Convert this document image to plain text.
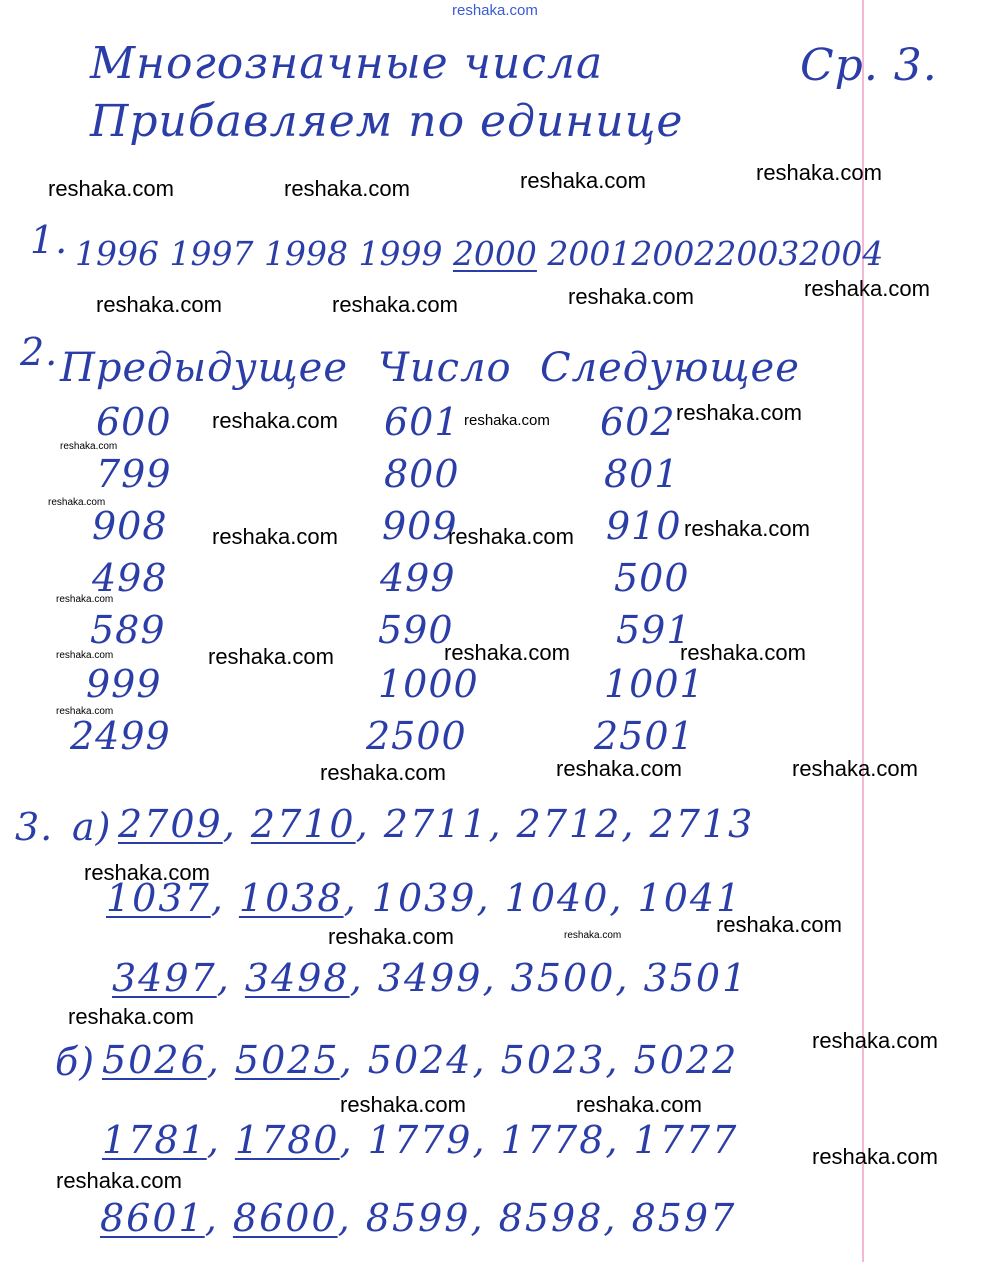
reshaka.com
Многозначные числа
Прибавляем по единице
Ср. 3.
1. 1996 1997 1998 1999 2000 2001200220032004
2. Предыдущее Число Следующее
600	601	602
799	800	801
908	909	910
498	499	500
589	590	591
999	1000	1001
2499	2500	2501
3. а)
б)
2709, 2710, 2711, 2712, 2713
1037, 1038, 1039, 1040, 1041
3497, 3498, 3499, 3500, 3501
5026, 5025, 5024, 5023, 5022
1781, 1780, 1779, 1778, 1777
8601, 8600, 8599, 8598, 8597
reshaka.com	reshaka.com	reshaka.com	reshaka.com
reshaka.com	reshaka.com	reshaka.com	reshaka.com
reshaka.com	reshaka.com	reshaka.com
reshaka.com
reshaka.com
reshaka.com	reshaka.com	reshaka.com
reshaka.com
reshaka.com	reshaka.com	reshaka.com
reshaka.com
reshaka.com
reshaka.com	reshaka.com	reshaka.com
reshaka.com
reshaka.com
reshaka.com	reshaka.com
reshaka.com
reshaka.com
reshaka.com	reshaka.com
reshaka.com
reshaka.com
